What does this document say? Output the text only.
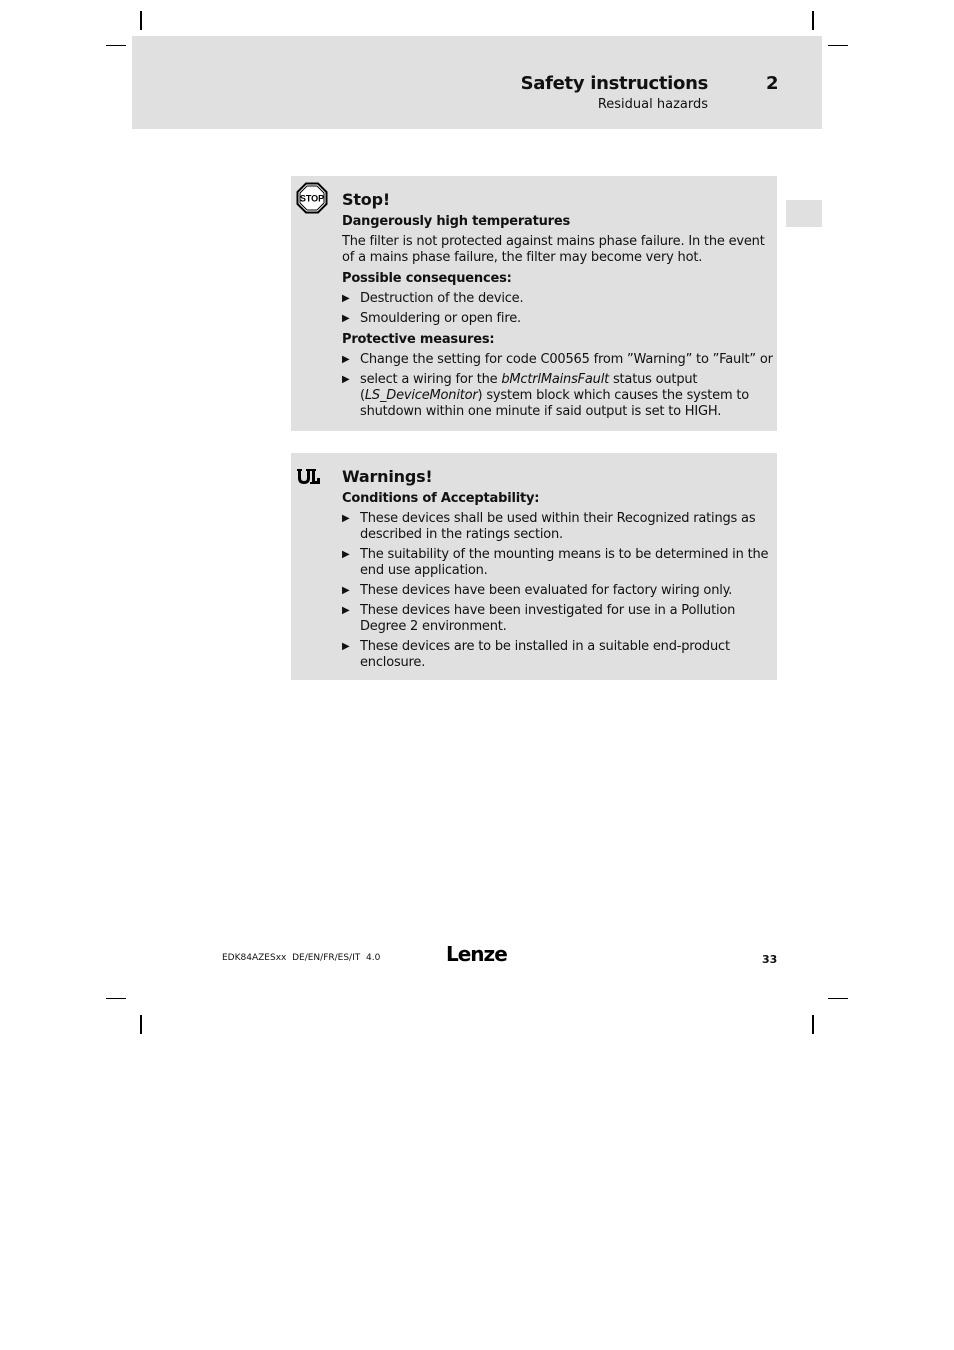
Safety instructions	2
Residual hazards
STOP Stop!
Dangerously high temperatures
The filter is not protected against mains phase failure. In the event of a mains phase failure, the filter may become very hot.
Possible consequences:
▶ Destruction of the device.
▶ Smouldering or open fire.
Protective measures:
▶ Change the setting for code C00565 from ”Warning” to ”Fault” or
▶ select a wiring for the bMctrlMainsFault status output (LS_DeviceMonitor) system block which causes the system to shutdown within one minute if said output is set to HIGH.
Warnings!
Conditions of Acceptability:
▶ These devices shall be used within their Recognized ratings as described in the ratings section.
▶ The suitability of the mounting means is to be determined in the end use application.
▶ These devices have been evaluated for factory wiring only.
▶ These devices have been investigated for use in a Pollution Degree 2 environment.
▶ These devices are to be installed in a suitable end-product enclosure.
EDK84AZESxx DE/EN/FR/ES/IT 4.0	Lenze	33
